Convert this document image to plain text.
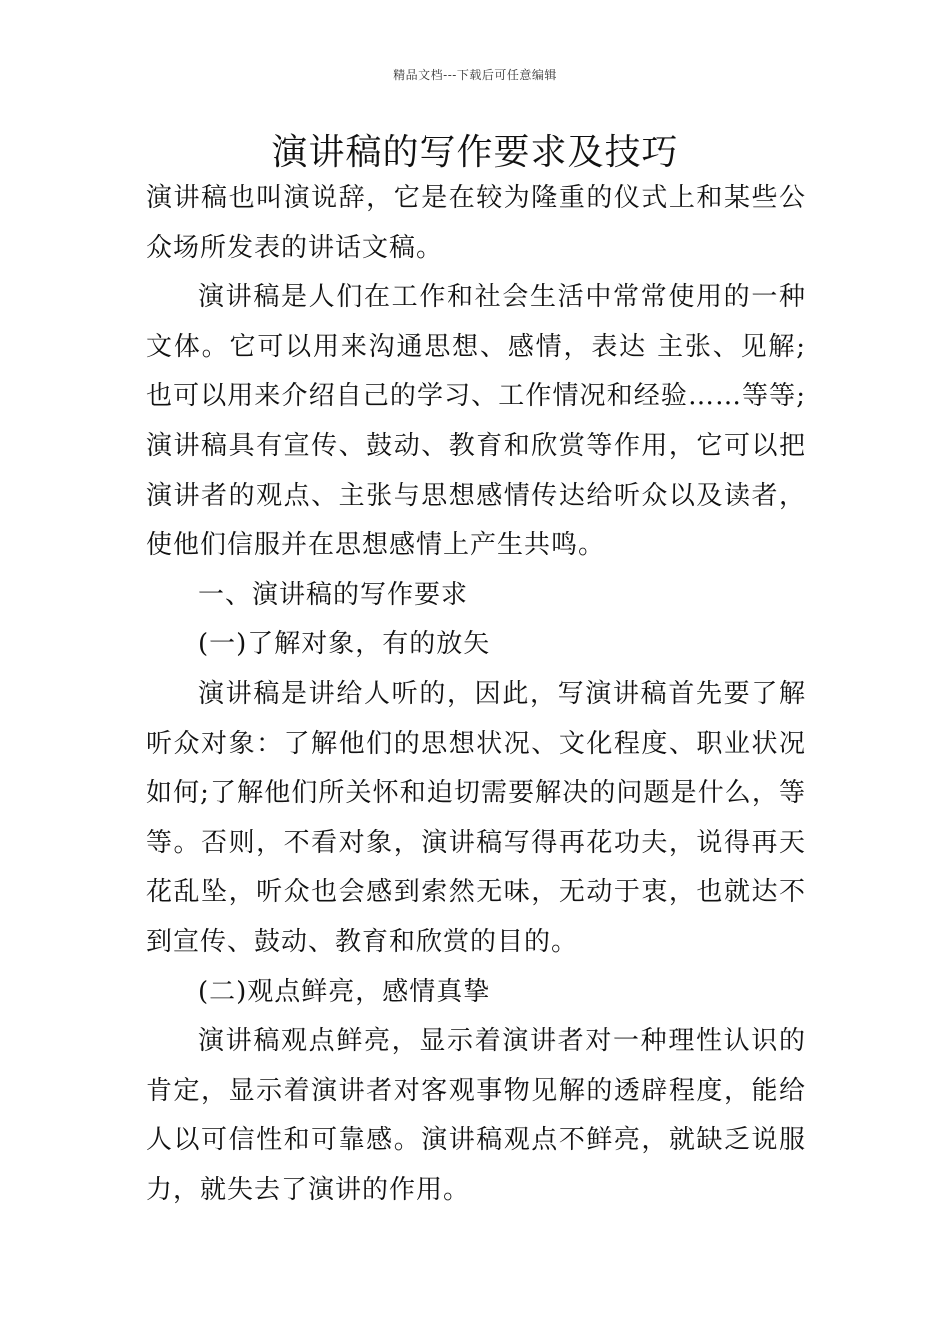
精品文档---下载后可任意编辑
演讲稿的写作要求及技巧

演讲稿也叫演说辞，它是在较为隆重的仪式上和某些公众场所发表的讲话文稿。

演讲稿是人们在工作和社会生活中常常使用的一种文体。它可以用来沟通思想、感情，表达 主张、见解;也可以用来介绍自己的学习、工作情况和经验……等等;演讲稿具有宣传、鼓动、教育和欣赏等作用，它可以把演讲者的观点、主张与思想感情传达给听众以及读者，使他们信服并在思想感情上产生共鸣。

一、演讲稿的写作要求

(一)了解对象，有的放矢

演讲稿是讲给人听的，因此，写演讲稿首先要了解听众对象：了解他们的思想状况、文化程度、职业状况如何;了解他们所关怀和迫切需要解决的问题是什么，等等。否则，不看对象，演讲稿写得再花功夫，说得再天花乱坠，听众也会感到索然无味，无动于衷，也就达不到宣传、鼓动、教育和欣赏的目的。

(二)观点鲜亮，感情真挚

演讲稿观点鲜亮，显示着演讲者对一种理性认识的肯定，显示着演讲者对客观事物见解的透辟程度，能给人以可信性和可靠感。演讲稿观点不鲜亮，就缺乏说服力，就失去了演讲的作用。
